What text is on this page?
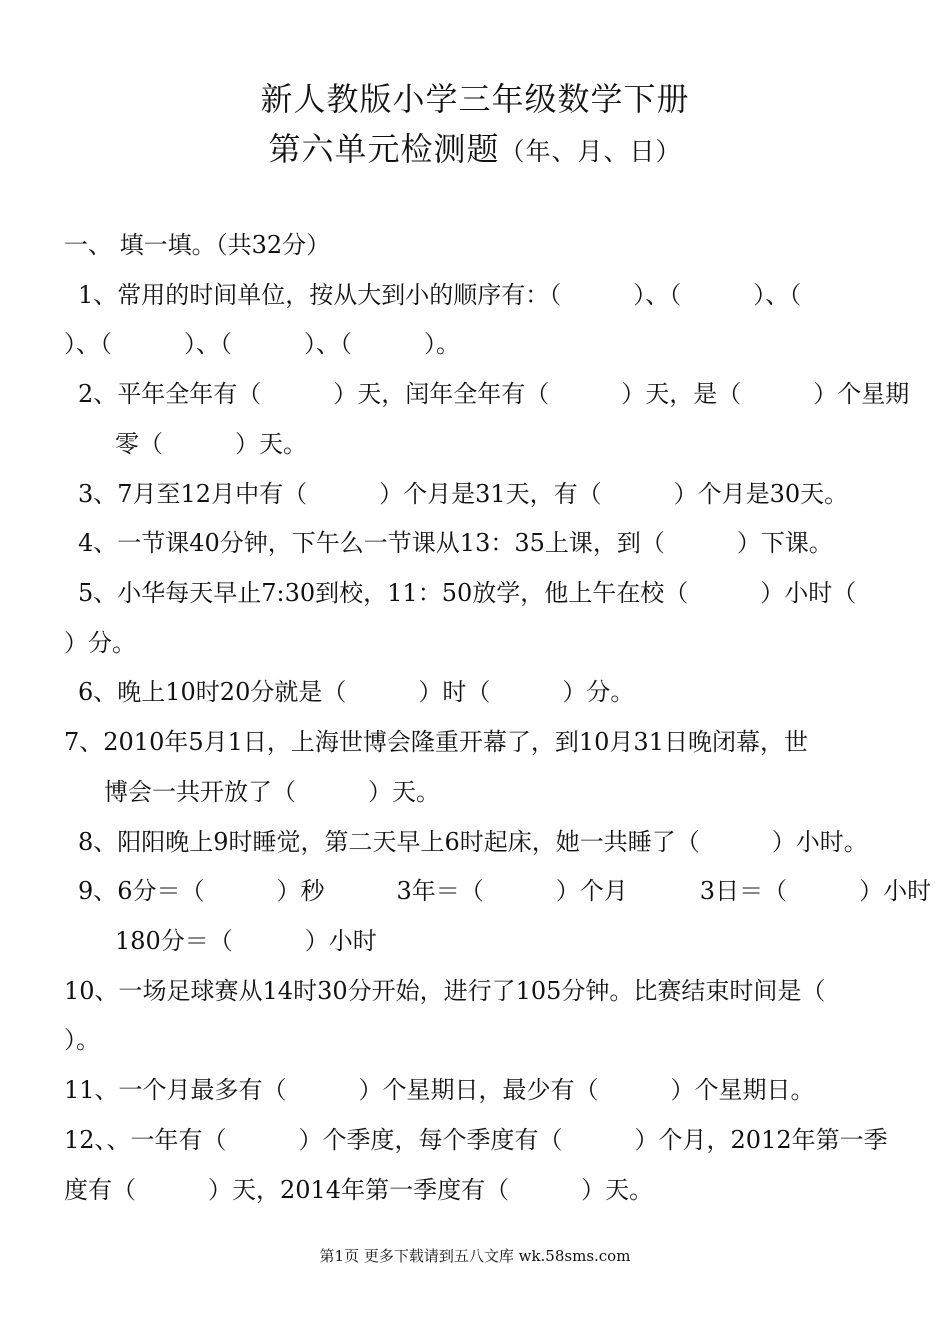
新人教版小学三年级数学下册
第六单元检测题（年、月、日）
一、 填一填。（共32分）
1、常用的时间单位，按从大到小的顺序有：（　　　）、（　　　）、（
）、（　　　）、（　　　）、（　　　）。
2、平年全年有（　　　）天，闰年全年有（　　　）天，是（　　　）个星期
零（　　　）天。
3、7月至12月中有（　　　）个月是31天，有（　　　）个月是30天。
4、一节课40分钟，下午么一节课从13：35上课，到（　　　）下课。
5、小华每天早止7:30到校，11：50放学，他上午在校（　　　）小时（
）分。
6、晚上10时20分就是（　　　）时（　　　）分。
7、2010年5月1日，上海世博会隆重开幕了，到10月31日晚闭幕，世
博会一共开放了（　　　）天。
8、阳阳晚上9时睡觉，第二天早上6时起床，她一共睡了（　　　）小时。
9、6分＝（　　　）秒　　　3年＝（　　　）个月　　　3日＝（　　　）小时
180分＝（　　　）小时
10、一场足球赛从14时30分开始，进行了105分钟。比赛结束时间是（
）。
11、一个月最多有（　　　）个星期日，最少有（　　　）个星期日。
12、、一年有（　　　）个季度，每个季度有（　　　）个月，2012年第一季
度有（　　　）天，2014年第一季度有（　　　）天。
第1页 更多下载请到五八文库 wk.58sms.com
